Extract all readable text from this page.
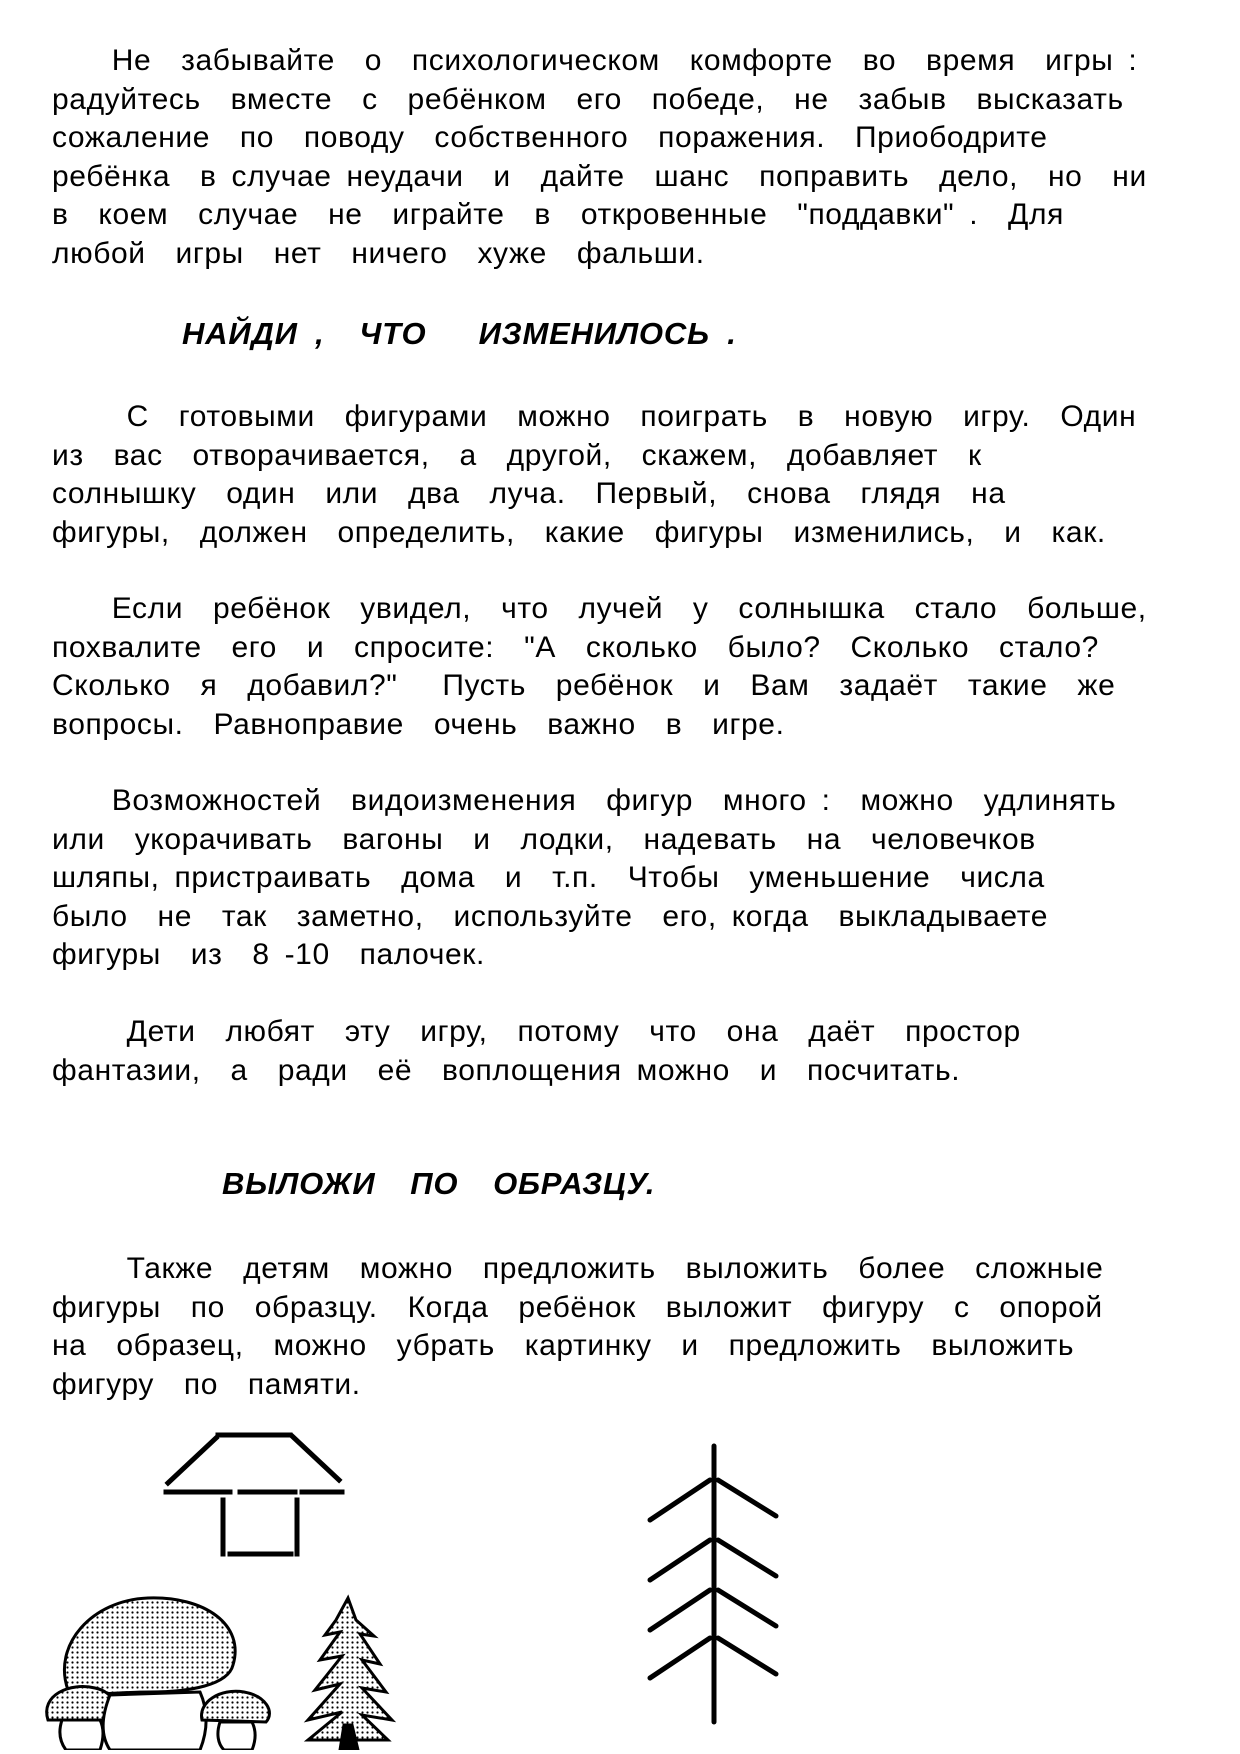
Не  забывайте  о  психологическом  комфорте  во  время  игры :
радуйтесь  вместе  с  ребёнком  его  победе,  не  забыв  высказать
сожаление  по  поводу  собственного  поражения.  Приободрите
ребёнка  в случае неудачи  и  дайте  шанс  поправить  дело,  но  ни
в  коем  случае  не  играйте  в  откровенные  "поддавки" .  Для
любой  игры  нет  ничего  хуже  фальши.
НАЙДИ ,  ЧТО   ИЗМЕНИЛОСЬ .
С  готовыми  фигурами  можно  поиграть  в  новую  игру.  Один
из  вас  отворачивается,  а  другой,  скажем,  добавляет  к
солнышку  один  или  два  луча.  Первый,  снова  глядя  на
фигуры,  должен  определить,  какие  фигуры  изменились,  и  как.
Если  ребёнок  увидел,  что  лучей  у  солнышка  стало  больше,
похвалите  его  и  спросите:  "А  сколько  было?  Сколько  стало?
Сколько  я  добавил?"   Пусть  ребёнок  и  Вам  задаёт  такие  же
вопросы.  Равноправие  очень  важно  в  игре.
Возможностей  видоизменения  фигур  много :  можно  удлинять
или  укорачивать  вагоны  и  лодки,  надевать  на  человечков
шляпы, пристраивать  дома  и  т.п.  Чтобы  уменьшение  числа
было  не  так  заметно,  используйте  его, когда  выкладываете
фигуры  из  8 -10  палочек.
Дети  любят  эту  игру,  потому  что  она  даёт  простор
фантазии,  а  ради  её  воплощения можно  и  посчитать.
ВЫЛОЖИ  ПО  ОБРАЗЦУ.
Также  детям  можно  предложить  выложить  более  сложные
фигуры  по  образцу.  Когда  ребёнок  выложит  фигуру  с  опорой
на  образец,  можно  убрать  картинку  и  предложить  выложить
фигуру  по  памяти.
